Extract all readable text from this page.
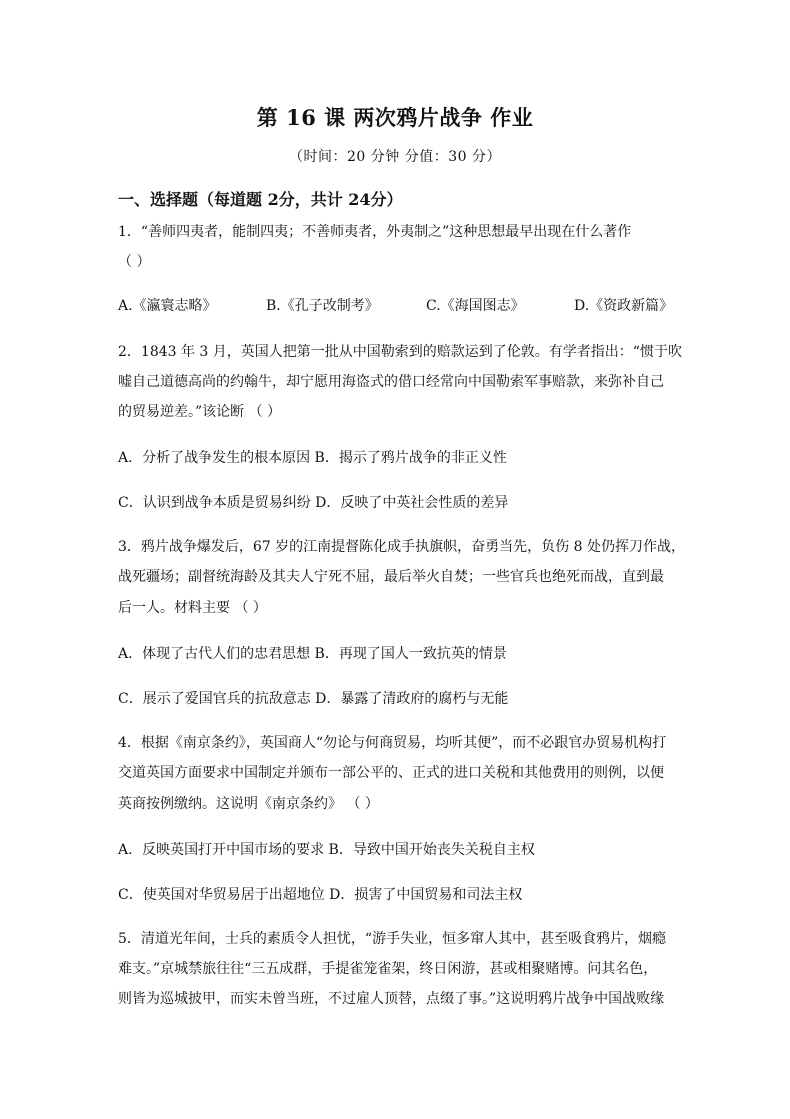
第 16 课 两次鸦片战争 作业
（时间：20 分钟 分值：30 分）
一、选择题（每道题 2分，共计 24分）
1．“善师四夷者，能制四夷；不善师夷者，外夷制之”这种思想最早出现在什么著作
（ ）
A.《瀛寰志略》	B.《孔子改制考》	C.《海国图志》	D.《资政新篇》
2．1843 年 3 月，英国人把第一批从中国勒索到的赔款运到了伦敦。有学者指出：“惯于吹
嘘自己道德高尚的约翰牛，却宁愿用海盗式的借口经常向中国勒索军事赔款，来弥补自己
的贸易逆差。”该论断 （ ）
A．分析了战争发生的根本原因 B．揭示了鸦片战争的非正义性
C．认识到战争本质是贸易纠纷 D．反映了中英社会性质的差异
3．鸦片战争爆发后，67 岁的江南提督陈化成手执旗帜，奋勇当先，负伤 8 处仍挥刀作战，
战死疆场；副督统海龄及其夫人宁死不屈，最后举火自焚；一些官兵也绝死而战，直到最
后一人。材料主要 （ ）
A．体现了古代人们的忠君思想 B．再现了国人一致抗英的情景
C．展示了爱国官兵的抗敌意志 D．暴露了清政府的腐朽与无能
4．根据《南京条约》，英国商人“勿论与何商贸易，均听其便”，而不必跟官办贸易机构打
交道英国方面要求中国制定并颁布一部公平的、正式的进口关税和其他费用的则例，以便
英商按例缴纳。这说明《南京条约》 （ ）
A．反映英国打开中国市场的要求 B．导致中国开始丧失关税自主权
C．使英国对华贸易居于出超地位 D．损害了中国贸易和司法主权
5．清道光年间，士兵的素质令人担忧，“游手失业，恒多窜人其中，甚至吸食鸦片，烟瘾
难支。”京城禁旅往往“三五成群，手提雀笼雀架，终日闲游，甚或相聚赌博。问其名色，
则皆为巡城披甲，而实未曾当班，不过雇人顶替，点缀了事。”这说明鸦片战争中国战败缘
